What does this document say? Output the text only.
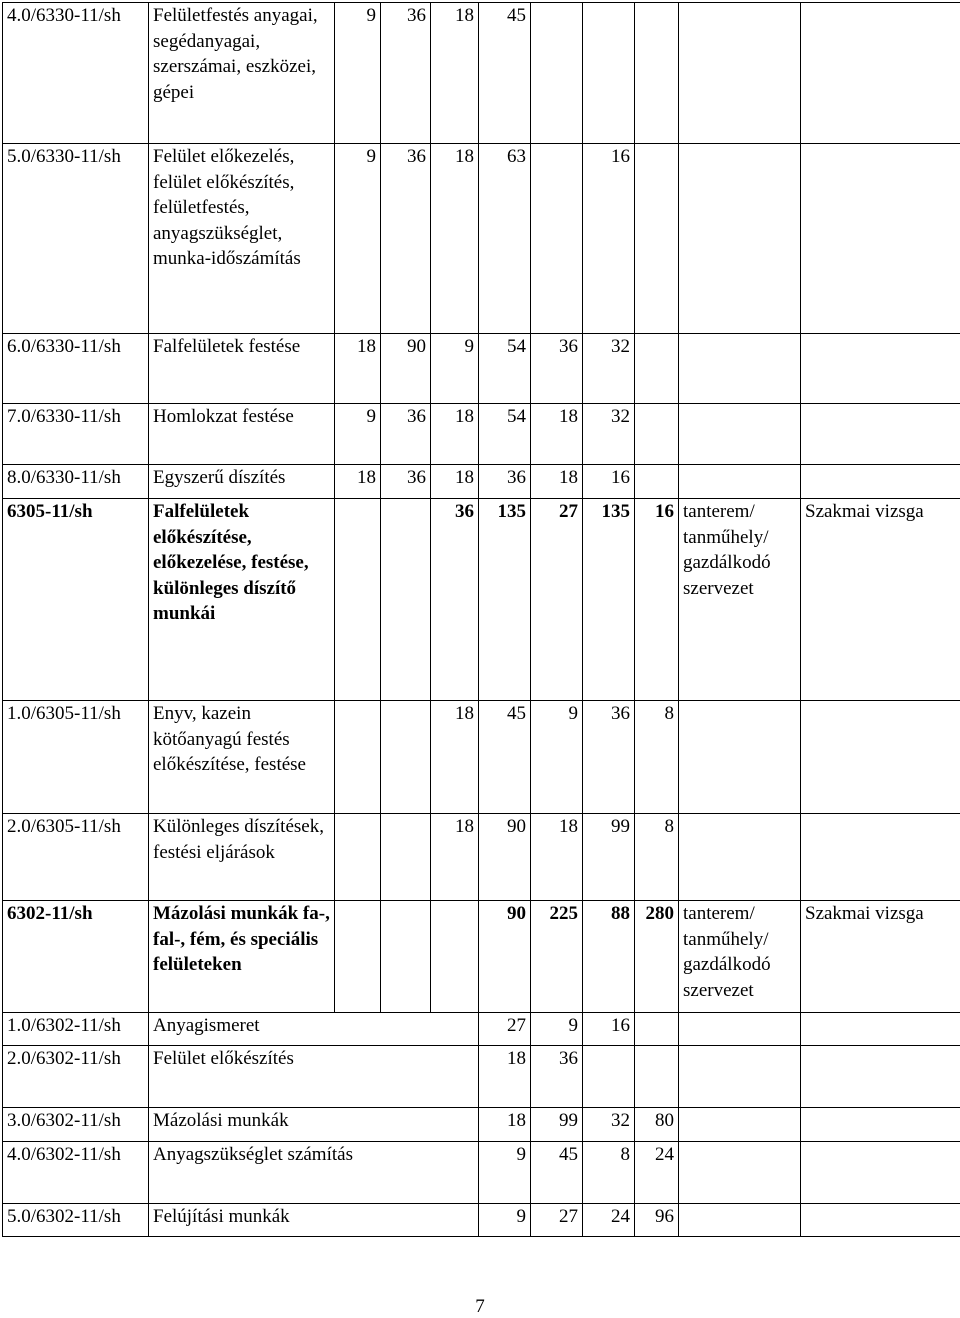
4.0/6330-11/sh	Felületfestés anyagai, segédanyagai, szerszámai, eszközei, gépei	9	36	18	45					
5.0/6330-11/sh	Felület előkezelés, felület előkészítés, felületfestés, anyagszükséglet, munka-időszámítás	9	36	18	63		16			
6.0/6330-11/sh	Falfelületek festése	18	90	9	54	36	32			
7.0/6330-11/sh	Homlokzat festése	9	36	18	54	18	32			
8.0/6330-11/sh	Egyszerű díszítés	18	36	18	36	18	16			
6305-11/sh	Falfelületek előkészítése, előkezelése, festése, különleges díszítő munkái			36	135	27	135	16	tanterem/ tanműhely/ gazdálkodó szervezet	Szakmai vizsga
1.0/6305-11/sh	Enyv, kazein kötőanyagú festés előkészítése, festése			18	45	9	36	8		
2.0/6305-11/sh	Különleges díszítések, festési eljárások			18	90	18	99	8		
6302-11/sh	Mázolási munkák fa-, fal-, fém, és speciális felületeken				90	225	88	280	tanterem/ tanműhely/ gazdálkodó szervezet	Szakmai vizsga
1.0/6302-11/sh	Anyagismeret				27	9	16			
2.0/6302-11/sh	Felület előkészítés				18	36				
3.0/6302-11/sh	Mázolási munkák				18	99	32	80		
4.0/6302-11/sh	Anyagszükséglet számítás				9	45	8	24		
5.0/6302-11/sh	Felújítási munkák				9	27	24	96		
7
